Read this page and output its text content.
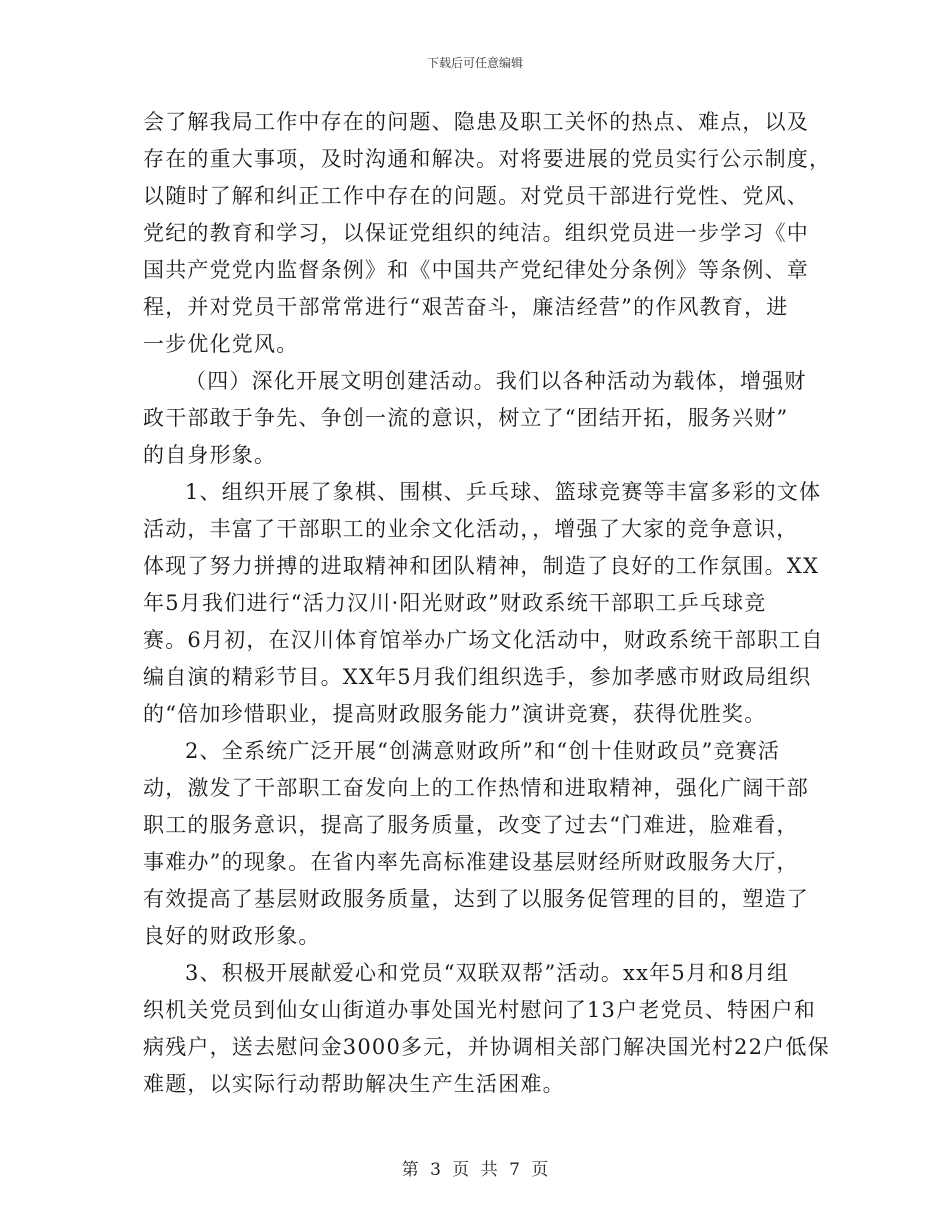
下载后可任意编辑
会了解我局工作中存在的问题、隐患及职工关怀的热点、难点，以及
存在的重大事项，及时沟通和解决。对将要进展的党员实行公示制度，
以随时了解和纠正工作中存在的问题。对党员干部进行党性、党风、
党纪的教育和学习，以保证党组织的纯洁。组织党员进一步学习《中
国共产党党内监督条例》和《中国共产党纪律处分条例》等条例、章
程，并对党员干部常常进行“艰苦奋斗，廉洁经营”的作风教育，进
一步优化党风。
（四）深化开展文明创建活动。我们以各种活动为载体，增强财
政干部敢于争先、争创一流的意识，树立了“团结开拓，服务兴财”
的自身形象。
1、组织开展了象棋、围棋、乒乓球、篮球竞赛等丰富多彩的文体
活动，丰富了干部职工的业余文化活动，，增强了大家的竞争意识，
体现了努力拼搏的进取精神和团队精神，制造了良好的工作氛围。XX
年5月我们进行“活力汉川·阳光财政”财政系统干部职工乒乓球竞
赛。6月初，在汉川体育馆举办广场文化活动中，财政系统干部职工自
编自演的精彩节目。XX年5月我们组织选手，参加孝感市财政局组织
的“倍加珍惜职业，提高财政服务能力”演讲竞赛，获得优胜奖。
2、全系统广泛开展“创满意财政所”和“创十佳财政员”竞赛活
动，激发了干部职工奋发向上的工作热情和进取精神，强化广阔干部
职工的服务意识，提高了服务质量，改变了过去“门难进，脸难看，
事难办”的现象。在省内率先高标准建设基层财经所财政服务大厅，
有效提高了基层财政服务质量，达到了以服务促管理的目的，塑造了
良好的财政形象。
3、积极开展献爱心和党员“双联双帮”活动。xx年5月和8月组
织机关党员到仙女山街道办事处国光村慰问了13户老党员、特困户和
病残户，送去慰问金3000多元，并协调相关部门解决国光村22户低保
难题，以实际行动帮助解决生产生活困难。
第 3 页 共 7 页
